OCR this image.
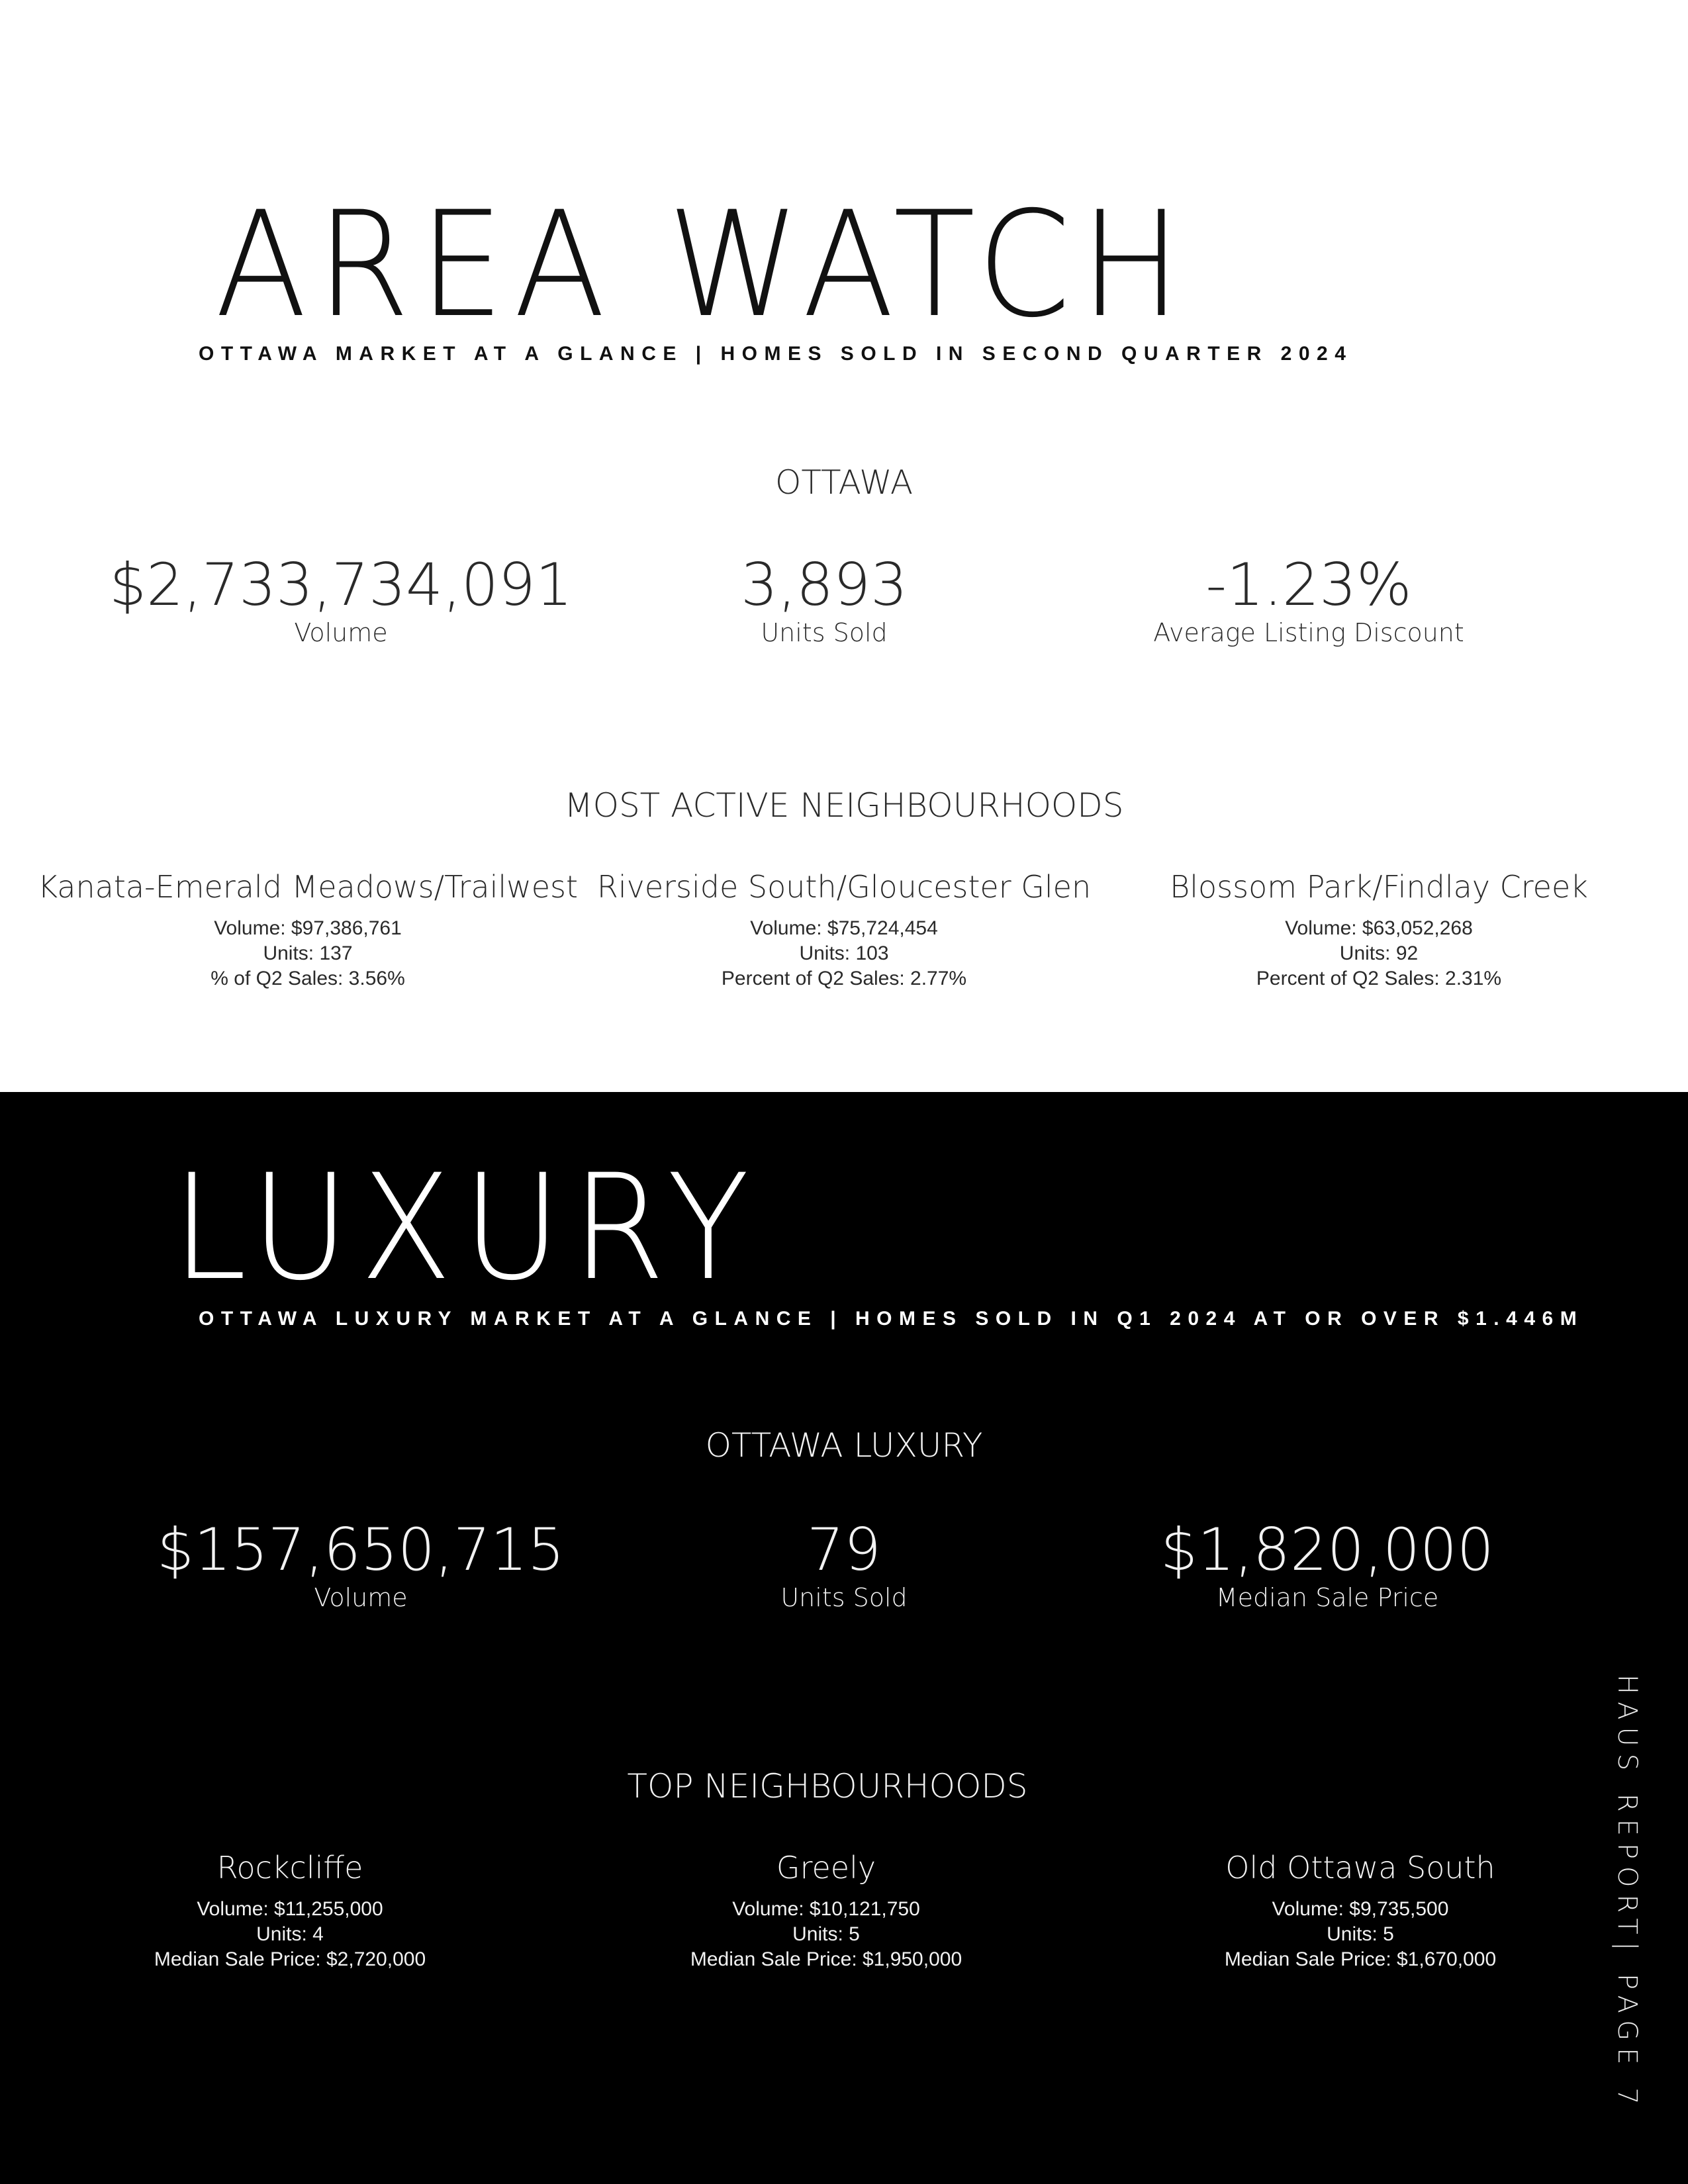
AREA WATCH
OTTAWA MARKET AT A GLANCE | HOMES SOLD IN SECOND QUARTER 2024
OTTAWA
$2,733,734,091
Volume
3,893
Units Sold
-1.23%
Average Listing Discount
MOST ACTIVE NEIGHBOURHOODS
Kanata-Emerald Meadows/Trailwest
Volume: $97,386,761
Units: 137
% of Q2 Sales: 3.56%
Riverside South/Gloucester Glen
Volume: $75,724,454
Units: 103
Percent of Q2 Sales: 2.77%
Blossom Park/Findlay Creek
Volume: $63,052,268
Units: 92
Percent of Q2 Sales: 2.31%
LUXURY
OTTAWA LUXURY MARKET AT A GLANCE | HOMES SOLD IN Q1 2024 AT OR OVER $1.446M
OTTAWA LUXURY
$157,650,715
Volume
79
Units Sold
$1,820,000
Median Sale Price
TOP NEIGHBOURHOODS
Rockcliffe
Volume: $11,255,000
Units: 4
Median Sale Price: $2,720,000
Greely
Volume: $10,121,750
Units: 5
Median Sale Price: $1,950,000
Old Ottawa South
Volume: $9,735,500
Units: 5
Median Sale Price: $1,670,000	HAUS REPORT| PAGE 7
